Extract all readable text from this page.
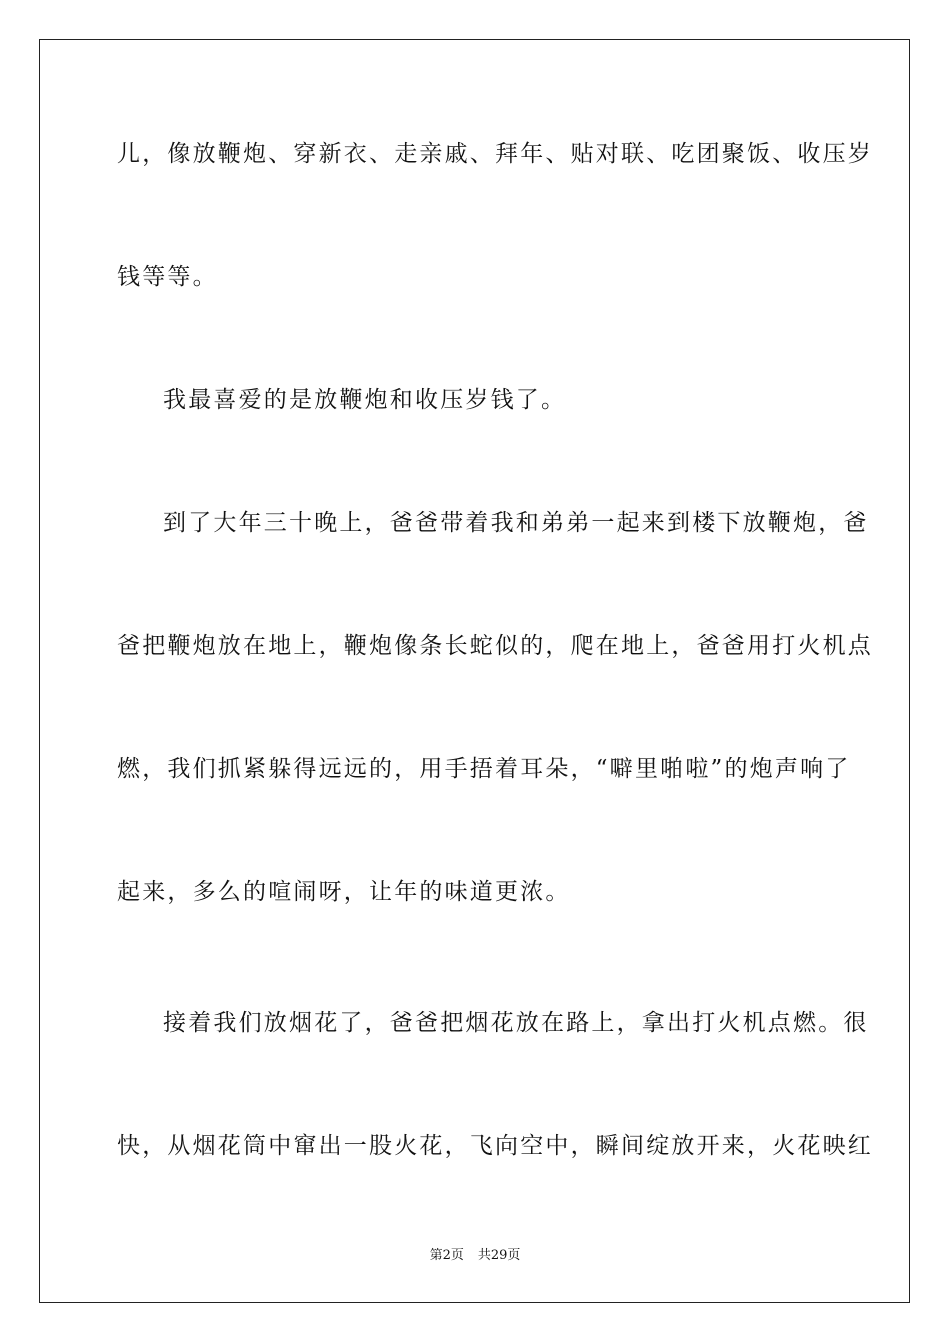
儿，像放鞭炮、穿新衣、走亲戚、拜年、贴对联、吃团聚饭、收压岁
钱等等。
我最喜爱的是放鞭炮和收压岁钱了。
到了大年三十晚上，爸爸带着我和弟弟一起来到楼下放鞭炮，爸
爸把鞭炮放在地上，鞭炮像条长蛇似的，爬在地上，爸爸用打火机点
燃，我们抓紧躲得远远的，用手捂着耳朵，“噼里啪啦”的炮声响了
起来，多么的喧闹呀，让年的味道更浓。
接着我们放烟花了，爸爸把烟花放在路上，拿出打火机点燃。很
快，从烟花筒中窜出一股火花，飞向空中，瞬间绽放开来，火花映红
第2页 共29页
